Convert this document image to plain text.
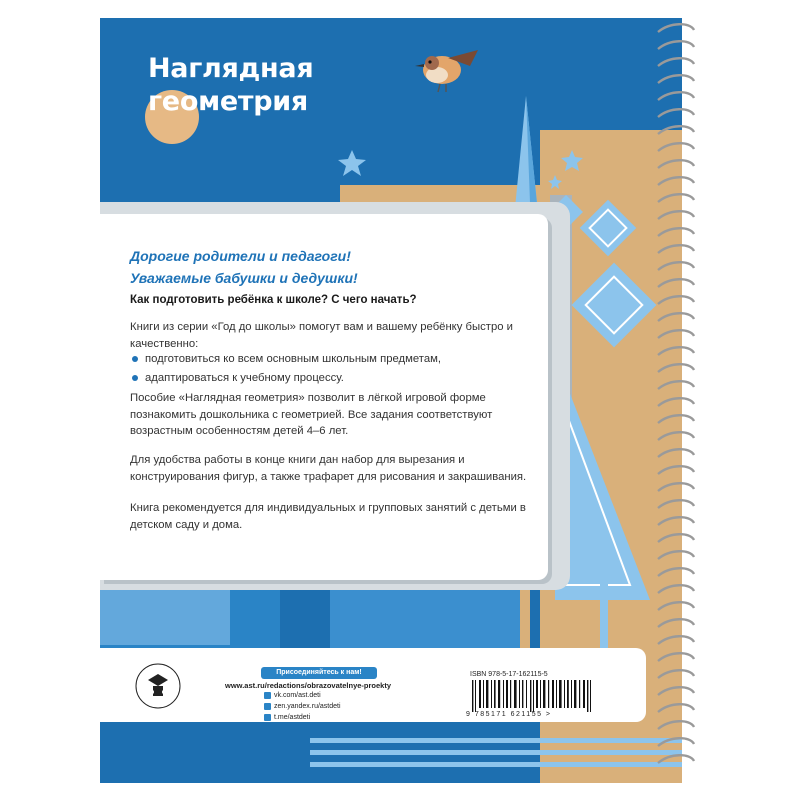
Наглядная
геометрия
Дорогие родители и педагоги!
Уважаемые бабушки и дедушки!
Как подготовить ребёнка к школе? С чего начать?

Книги из серии «Год до школы» помогут вам и вашему ребёнку быстро и качественно:

подготовиться ко всем основным школьным предметам,
адаптироваться к учебному процессу.

Пособие «Наглядная геометрия» позволит в лёгкой игровой форме познакомить дошкольника с геометрией. Все задания соответствуют возрастным особенностям детей 4–6 лет.

Для удобства работы в конце книги дан набор для вырезания и конструирования фигур, а также трафарет для рисования и закрашивания.

Книга рекомендуется для индивидуальных и групповых занятий с детьми в детском саду и дома.

Присоединяйтесь к нам!
www.ast.ru/redactions/obrazovatelnye-proekty
vk.com/ast.deti
zen.yandex.ru/astdeti
t.me/astdeti
ISBN 978-5-17-162115-5
9 785171 621155 >
